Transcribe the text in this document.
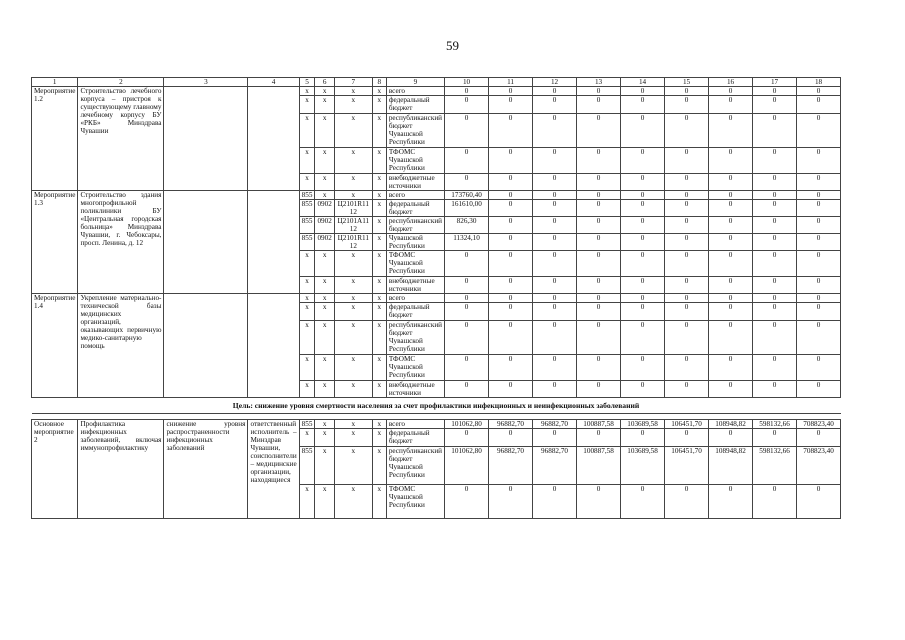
59
1	2	3	4	5	6	7	8	9	10	11	12	13	14	15	16	17	18
Мероприятие 1.2	Строительство лечебного корпуса – пристроя к существующему главному лечебному корпусу БУ «РКБ» Минздрава Чувашии			x	x	x	x	всего	0	0	0	0	0	0	0	0	0
				x	x	x	x	федеральный бюджет	0	0	0	0	0	0	0	0	0
				x	x	x	x	республиканский бюджет Чувашской Республики	0	0	0	0	0	0	0	0	0
				x	x	x	x	ТФОМС Чувашской Республики	0	0	0	0	0	0	0	0	0
				x	x	x	x	внебюджетные источники	0	0	0	0	0	0	0	0	0
Мероприятие 1.3	Строительство здания многопрофильной поликлиники БУ «Центральная городская больница» Минздрава Чувашии, г. Чебоксары, просп. Ленина, д. 12			855	x	x	x	всего	173760,40	0	0	0	0	0	0	0	0
				855	0902	Ц2101R11 12	x	федеральный бюджет	161610,00	0	0	0	0	0	0	0	0
				855	0902	Ц2101А11 12	x	республиканский бюджет	826,30	0	0	0	0	0	0	0	0
				855	0902	Ц2101R11 12	x	Чувашской Республики	11324,10	0	0	0	0	0	0	0	0
				x	x	x	x	ТФОМС Чувашской Республики	0	0	0	0	0	0	0	0	0
				x	x	x	x	внебюджетные источники	0	0	0	0	0	0	0	0	0
Мероприятие 1.4	Укрепление материально-технической базы медицинских организаций, оказывающих первичную медико-санитарную помощь			x	x	x	x	всего	0	0	0	0	0	0	0	0	0
				x	x	x	x	федеральный бюджет	0	0	0	0	0	0	0	0	0
				x	x	x	x	республиканский бюджет Чувашской Республики	0	0	0	0	0	0	0	0	0
				x	x	x	x	ТФОМС Чувашской Республики	0	0	0	0	0	0	0	0	0
				x	x	x	x	внебюджетные источники	0	0	0	0	0	0	0	0	0
Цель: снижение уровня смертности населения за счет профилактики инфекционных и неинфекционных заболеваний																	

Основное мероприятие 2	Профилактика инфекционных заболеваний, включая иммунопрофилактику	снижение уровня распространенности инфекционных заболеваний	ответственный исполнитель – Минздрав Чувашии, соисполнители – медицинские организации, находящиеся	855	x	x	x	всего	101062,80	96882,70	96882,70	100887,58	103689,58	106451,70	108948,82	598132,66	708823,40
				x	x	x	x	федеральный бюджет	0	0	0	0	0	0	0	0	0
				855	x	x	x	республиканский бюджет Чувашской Республики	101062,80	96882,70	96882,70	100887,58	103689,58	106451,70	108948,82	598132,66	708823,40
				x	x	x	x	ТФОМС Чувашской Республики	0	0	0	0	0	0	0	0	0
